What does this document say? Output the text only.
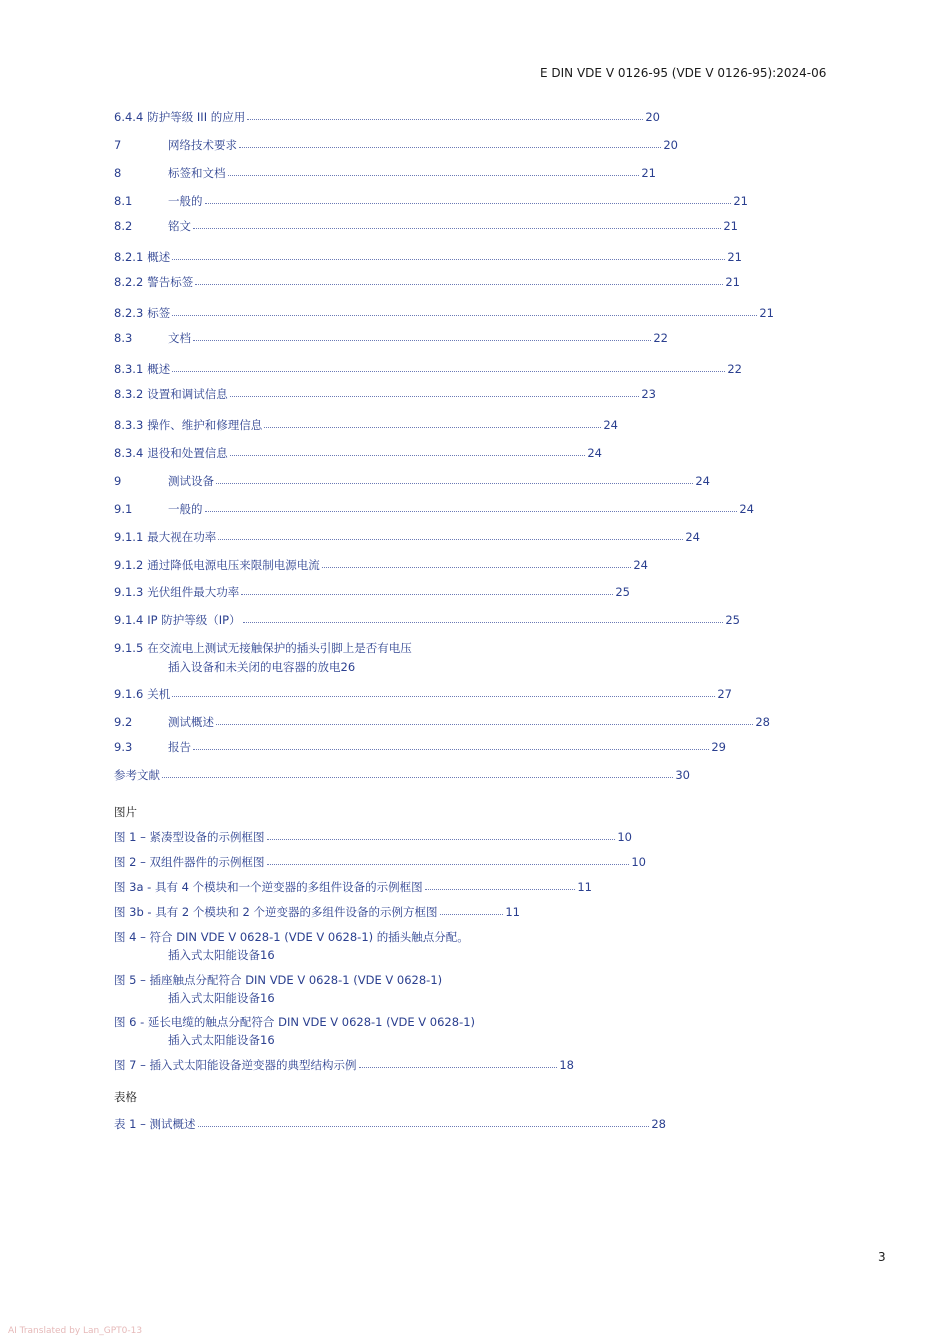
E DIN VDE V 0126-95 (VDE V 0126-95):2024-06
6.4.4 防护等级 III 的应用	20
7	网络技术要求	20
8	标签和文档	21
8.1	一般的	21
8.2	铭文	21
8.2.1 概述	21
8.2.2 警告标签	21
8.2.3 标签	21
8.3	文档	22
8.3.1 概述	22
8.3.2 设置和调试信息	23
8.3.3 操作、维护和修理信息	24
8.3.4 退役和处置信息	24
9	测试设备	24
9.1	一般的	24
9.1.1 最大视在功率	24
9.1.2 通过降低电源电压来限制电源电流	24
9.1.3 光伏组件最大功率	25
9.1.4 IP 防护等级（IP）	25
9.1.5 在交流电上测试无接触保护的插头引脚上是否有电压
插入设备和未关闭的电容器的放电 26
9.1.6 关机	27
9.2	测试概述	28
9.3	报告	29
参考文献	30
图片
图 1 – 紧凑型设备的示例框图	10
图 2 – 双组件器件的示例框图	10
图 3a - 具有 4 个模块和一个逆变器的多组件设备的示例框图	11
图 3b - 具有 2 个模块和 2 个逆变器的多组件设备的示例方框图	11
图 4 – 符合 DIN VDE V 0628-1 (VDE V 0628-1) 的插头触点分配。
插入式太阳能设备 16
图 5 – 插座触点分配符合 DIN VDE V 0628-1 (VDE V 0628-1)
插入式太阳能设备 16
图 6 - 延长电缆的触点分配符合 DIN VDE V 0628-1 (VDE V 0628-1)
插入式太阳能设备 16
图 7 – 插入式太阳能设备逆变器的典型结构示例	18
表格
表 1 – 测试概述	28
3
AI Translated by Lan_GPT0-13
